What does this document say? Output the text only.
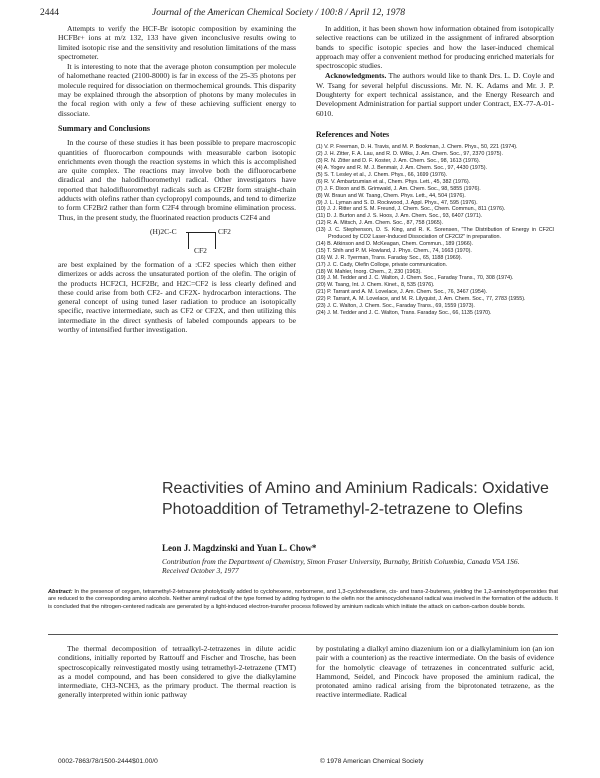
2444	Journal of the American Chemical Society / 100:8 / April 12, 1978

Attempts to verify the HCF-Br isotopic composition by examining the HCFBr+ ions at m/z 132, 133 have given inconclusive results owing to limited isotopic rise and the sensitivity and resolution limitations of the mass spectrometer.

It is interesting to note that the average photon consumption per molecule of halomethane reacted (2100-8000) is far in excess of the 25-35 photons per molecule required for dissociation on thermochemical grounds. This disparity may be explained through the absorption of photons by many molecules in the focal region with only a few of these achieving sufficient energy to dissociate.

Summary and Conclusions

In the course of these studies it has been possible to prepare macroscopic quantities of fluorocarbon compounds with measurable carbon isotopic enrichments even though the reaction systems in which this is accomplished are quite complex. The reactions may involve both the difluorocarbene diradical and the halodifluoromethyl radical. Other investigators have reported that halodifluoromethyl radicals such as CF2Br form straight-chain adducts with olefins rather than cyclopropyl compounds, and tend to dimerize to form CF2Br2 rather than form C2F4 through bromine elimination process. Thus, in the present study, the fluorinated reaction products C2F4 and

(H)2C-C	CF2
CF2

are best explained by the formation of a :CF2 species which then either dimerizes or adds across the unsaturated portion of the olefin. The origin of the products HCF2Cl, HCF2Br, and H2C=CF2 is less clearly defined and these could arise from both CF2- and CF2X- hydrocarbon interactions. The general concept of using tuned laser radiation to produce an isotopically specific, reactive intermediate, such as CF2 or CF2X, and then utilizing this intermediate in the direct synthesis of labeled compounds appears to be worthy of intensified further investigation.

In addition, it has been shown how information obtained from isotopically selective reactions can be utilized in the assignment of infrared absorption bands to specific isotopic species and how the laser-induced chemical approach may offer a convenient method for producing enriched materials for spectroscopic studies.

Acknowledgments. The authors would like to thank Drs. L. D. Coyle and W. Tsang for several helpful discussions. Mr. N. K. Adams and Mr. J. P. Doughterty for expert technical assistance, and the Energy Research and Development Administration for partial support under Contract, EX-77-A-01-6010.

References and Notes
(1) V. P. Freeman, D. H. Travis, and M. P. Bookman, J. Chem. Phys., 50, 221 (1974).
(2) J. H. Zitter, F. A. Lau, and R. D. Wilks, J. Am. Chem. Soc., 97, 2370 (1975).
(3) R. N. Zitter and D. F. Koster, J. Am. Chem. Soc., 98, 1613 (1976).
(4) A. Yogev and R. M. J. Benmair, J. Am. Chem. Soc., 97, 4430 (1975).
(5) S. T. Lesley et al., J. Chem. Phys., 66, 1699 (1976).
(6) R. V. Ambartzumian et al., Chem. Phys. Lett., 45, 382 (1976).
(7) J. F. Dixon and B. Grimwald, J. Am. Chem. Soc., 98, 5855 (1976).
(8) W. Braun and W. Tsang, Chem. Phys. Lett., 44, 504 (1976).
(9) J. L. Lyman and S. D. Rockwood, J. Appl. Phys., 47, 595 (1976).
(10) J. J. Ritter and S. M. Freund, J. Chem. Soc., Chem. Commun., 811 (1976).
(11) D. J. Burton and J. S. Hoos, J. Am. Chem. Soc., 93, 6407 (1971).
(12) R. A. Mitsch, J. Am. Chem. Soc., 87, 758 (1965).
(13) J. C. Stephenson, D. S. King, and R. K. Sorensen, "The Distribution of Energy in CF2Cl Produced by CO2 Laser-Induced Dissociation of CF2Cl2" in preparation.
(14) B. Atkinson and D. McKeagan, Chem. Commun., 189 (1966).
(15) T. Shih and P. M. Howland, J. Phys. Chem., 74, 1663 (1970).
(16) W. J. R. Tyerman, Trans. Faraday Soc., 65, 1188 (1969).
(17) J. C. Cady, Olefin Colloge, private communication.
(18) W. Mahler, Inorg. Chem., 2, 230 (1963).
(19) J. M. Tedder and J. C. Walton, J. Chem. Soc., Faraday Trans., 70, 308 (1974).
(20) W. Tsang, Int. J. Chem. Kinet., 8, 535 (1976).
(21) P. Tarrant and A. M. Lovelace, J. Am. Chem. Soc., 76, 3467 (1954).
(22) P. Tarrant, A. M. Lovelace, and M. R. Lilyquist, J. Am. Chem. Soc., 77, 2783 (1955).
(23) J. C. Walton, J. Chem. Soc., Faraday Trans., 69, 1559 (1973).
(24) J. M. Tedder and J. C. Walton, Trans. Faraday Soc., 66, 1135 (1970).
Reactivities of Amino and Aminium Radicals: Oxidative Photoaddition of Tetramethyl-2-tetrazene to Olefins
Leon J. Magdzinski and Yuan L. Chow*
Contribution from the Department of Chemistry, Simon Fraser University, Burnaby, British Columbia, Canada V5A 1S6. Received October 3, 1977
Abstract: In the presence of oxygen, tetramethyl-2-tetrazene photolytically added to cyclohexene, norbornene, and 1,3-cyclohexadiene, cis- and trans-2-butenes, yielding the 1,2-aminohydroperoxides that are reduced to the corresponding amino alcohols. Neither aminyl radical of the type formed by adding hydrogen to the olefin nor the aminocyclohexanol radical was involved in the formation of the adducts. It is concluded that the nitrogen-centered radicals are generated by a light-induced electron-transfer process followed by aminium radicals which initiate the attack on carbon-carbon double bonds.

The thermal decomposition of tetraalkyl-2-tetrazenes in dilute acidic conditions, initially reported by Rattouff and Fischer and Trosche, has been spectroscopically reinvestigated mostly using tetramethyl-2-tetrazene (TMT) as a model compound, and has been considered to give the dialkylamine intermediate, CH3-NCH3, as the primary product. The thermal reaction is generally interpreted within ionic pathway

by postulating a dialkyl amino diazenium ion or a dialkylaminium ion (an ion pair with a counterion) as the reactive intermediate. On the basis of evidence for the homolytic cleavage of tetrazenes in concentrated sulfuric acid, Hammond, Seidel, and Pincock have proposed the aminium radical, the protonated amino radical arising from the biprotonated tetrazene, as the reactive intermediate. Radical

0002-7863/78/1500-2444$01.00/0	© 1978 American Chemical Society
